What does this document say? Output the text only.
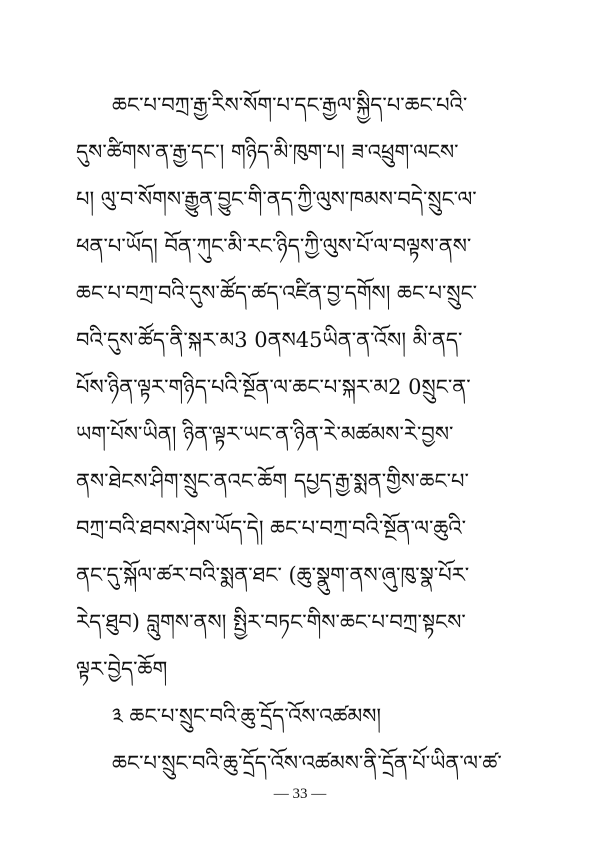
ཆང་པ་བཀྲ་རྒྱ་རིས་སོག་པ་དང་རྒྱལ་སྐྱིད་པ་ཆང་པའི་
དུས་ཚིགས་ན་རྒྱ་དང་། གཉིད་མི་ཁུག་པ། ཟ་འཕྲུག་ལངས་
པ། ལུ་བ་སོགས་རྒྱུན་བྱུང་གི་ནད་ཀྱི་ལུས་ཁམས་བདེ་སྲུང་ལ་
ཕན་པ་ཡོད། བོན་ཀུང་མི་རང་ཉིད་ཀྱི་ལུས་པོ་ལ་བལྟས་ནས་
ཆང་པ་བཀྲ་བའི་དུས་ཚོད་ཚད་འཛིན་བྱ་དགོས། ཆང་པ་སྲུང་
བའི་དུས་ཚོད་ནི་སྐར་མ3 0ནས45ཡིན་ན་འོས། མི་ནད་
པོས་ཉིན་ལྟར་གཉིད་པའི་སྔོན་ལ་ཆང་པ་སྐར་མ2 0སྲུང་ན་
ཡག་པོས་ཡིན། ཉིན་ལྟར་ཡང་ན་ཉིན་རེ་མཚམས་རེ་བྱས་
ནས་ཐེངས་ཤིག་སྲུང་ནའང་ཆོག དཔྱད་རྒྱ་སྨན་གྱིས་ཆང་པ་
བཀྲ་བའི་ཐབས་ཤེས་ཡོད་དེ། ཆང་པ་བཀྲ་བའི་སྔོན་ལ་ཆུའི་
ནང་དུ་སྐོལ་ཚར་བའི་སྨན་ཐང་ (ཆུ་སྣུག་ནས་ཞུ་ཁུ་སྣ་པོར་
རེད་ཐུབ) བླུགས་ནས། སྤྱིར་བཏང་གིས་ཆང་པ་བཀྲ་སྟངས་
ལྟར་བྱེད་ཆོག
༣ ཆང་པ་སྲུང་བའི་ཆུ་དྲོད་འོས་འཚམས།
ཆང་པ་སྲུང་བའི་ཆུ་དྲོད་འོས་འཚམས་ནི་དྲོན་པོ་ཡིན་ལ་ཚ་
— 33 —
